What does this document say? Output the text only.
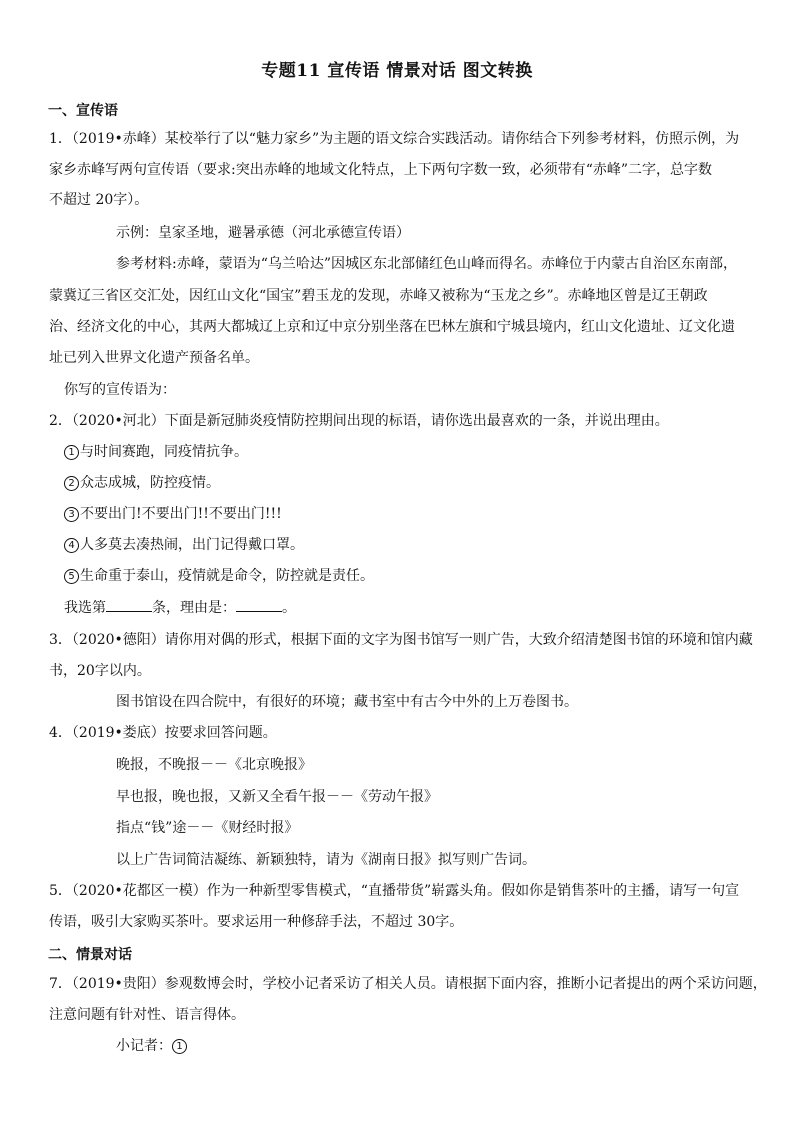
专题11 宣传语 情景对话 图文转换
一、宣传语
1．（2019•赤峰）某校举行了以“魅力家乡”为主题的语文综合实践活动。请你结合下列参考材料，仿照示例，为
家乡赤峰写两句宣传语（要求:突出赤峰的地域文化特点，上下两句字数一致，必须带有“赤峰”二字，总字数
不超过 20字）。
示例：皇家圣地，避暑承德（河北承德宣传语）
参考材料:赤峰，蒙语为“乌兰哈达”因城区东北部储红色山峰而得名。赤峰位于内蒙古自治区东南部，
蒙冀辽三省区交汇处，因红山文化“国宝”碧玉龙的发现，赤峰又被称为“玉龙之乡”。赤峰地区曾是辽王朝政
治、经济文化的中心，其两大都城辽上京和辽中京分别坐落在巴林左旗和宁城县境内，红山文化遗址、辽文化遗
址已列入世界文化遗产预备名单。
你写的宣传语为：
2．（2020•河北）下面是新冠肺炎疫情防控期间出现的标语，请你选出最喜欢的一条，并说出理由。
1 与时间赛跑，同疫情抗争。
2 众志成城，防控疫情。
3 不要出门!不要出门!!不要出门!!!
4 人多莫去凑热闹，出门记得戴口罩。
5 生命重于泰山，疫情就是命令，防控就是责任。
我选第	条，理由是：	。
3．（2020•德阳）请你用对偶的形式，根据下面的文字为图书馆写一则广告，大致介绍清楚图书馆的环境和馆内藏
书，20字以内。
图书馆设在四合院中，有很好的环境；藏书室中有古今中外的上万卷图书。
4．（2019•娄底）按要求回答问题。
晚报，不晚报－－《北京晚报》
早也报，晚也报，又新又全看午报－－《劳动午报》
指点“钱”途－－《财经时报》
以上广告词简洁凝练、新颖独特，请为《湖南日报》拟写则广告词。
5．（2020•花都区一模）作为一种新型零售模式，“直播带货”崭露头角。假如你是销售茶叶的主播，请写一句宣
传语，吸引大家购买茶叶。要求运用一种修辞手法，不超过 30字。
二、情景对话
7．（2019•贵阳）参观数博会时，学校小记者采访了相关人员。请根据下面内容，推断小记者提出的两个采访问题，
注意问题有针对性、语言得体。
小记者： 1
